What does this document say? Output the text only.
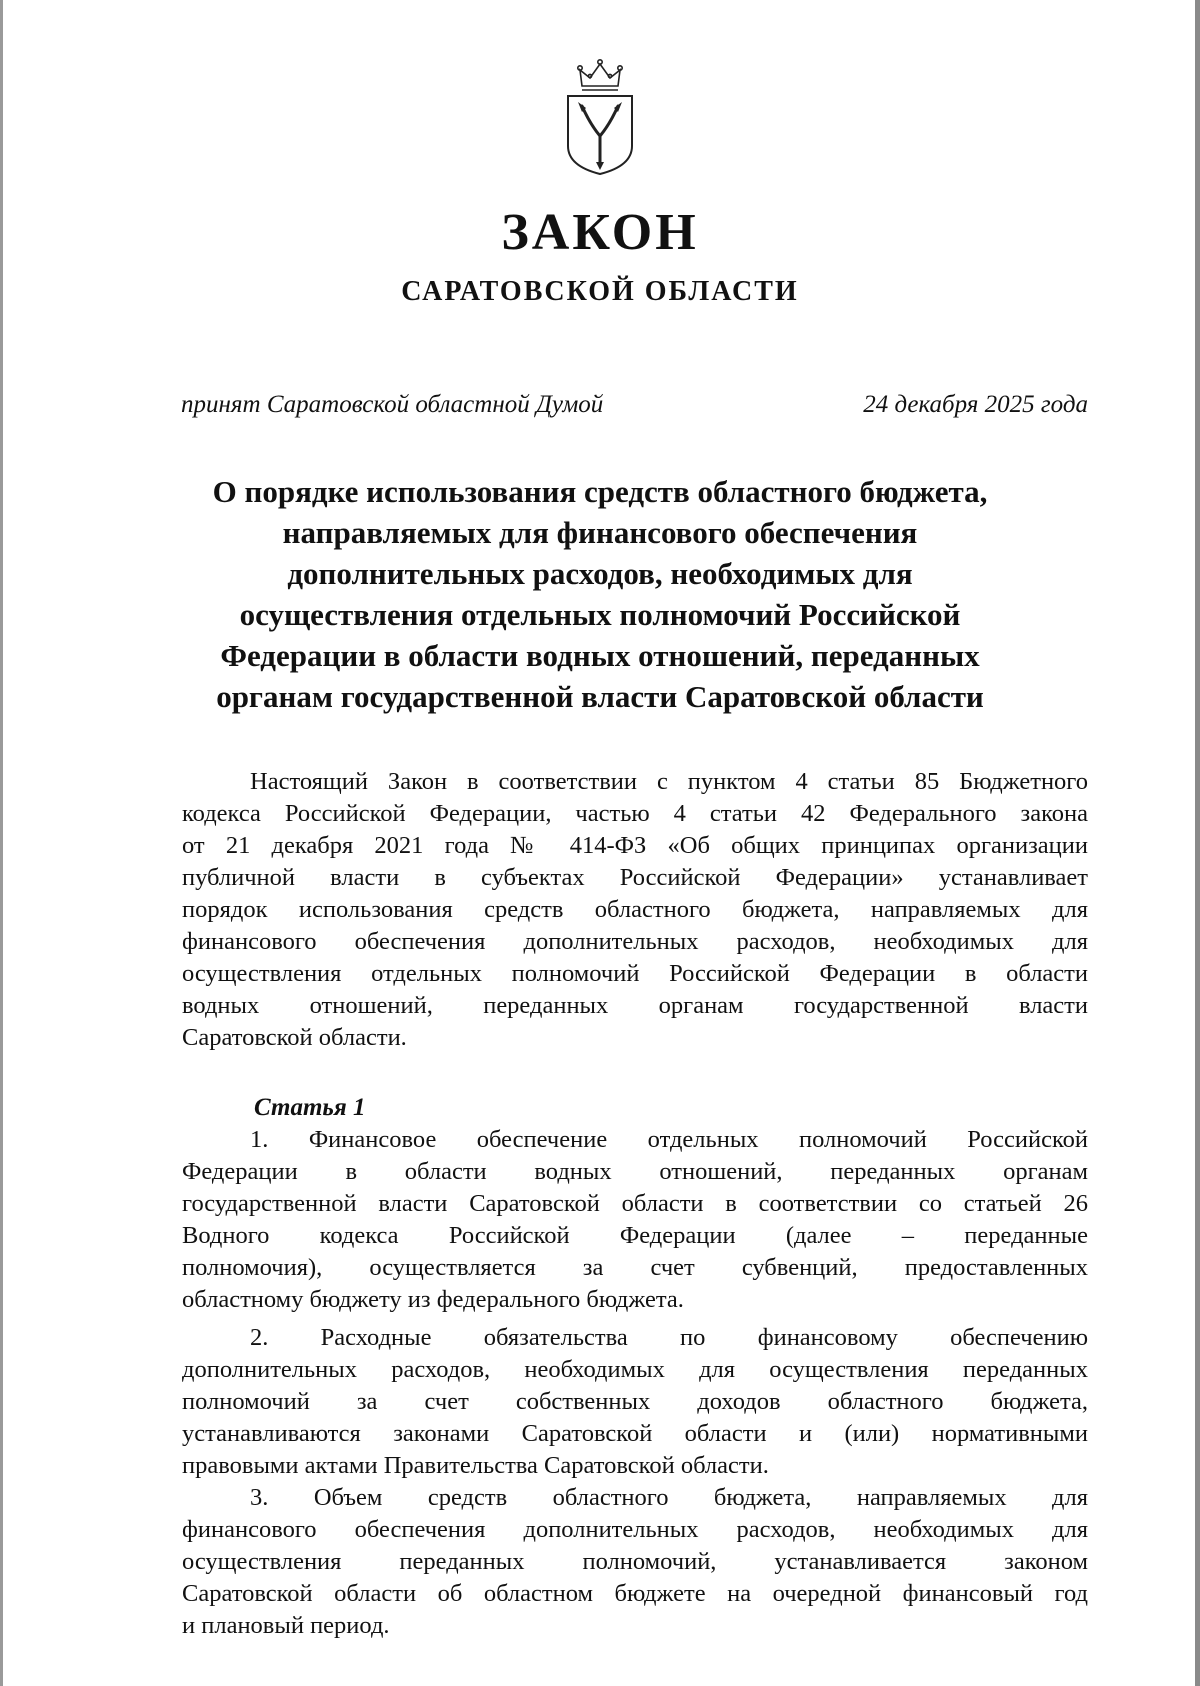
ЗАКОН
САРАТОВСКОЙ ОБЛАСТИ
принят Саратовской областной Думой	24 декабря 2025 года
О порядке использования средств областного бюджета,
направляемых для финансового обеспечения
дополнительных расходов, необходимых для
осуществления отдельных полномочий Российской
Федерации в области водных отношений, переданных
органам государственной власти Саратовской области
Настоящий Закон в соответствии с пунктом 4 статьи 85 Бюджетного
кодекса Российской Федерации, частью 4 статьи 42 Федерального закона
от 21 декабря 2021 года № 414-ФЗ «Об общих принципах организации
публичной власти в субъектах Российской Федерации» устанавливает
порядок использования средств областного бюджета, направляемых для
финансового обеспечения дополнительных расходов, необходимых для
осуществления отдельных полномочий Российской Федерации в области
водных отношений, переданных органам государственной власти
Саратовской области.
Статья 1
1. Финансовое обеспечение отдельных полномочий Российской
Федерации в области водных отношений, переданных органам
государственной власти Саратовской области в соответствии со статьей 26
Водного кодекса Российской Федерации (далее – переданные
полномочия), осуществляется за счет субвенций, предоставленных
областному бюджету из федерального бюджета.
2. Расходные обязательства по финансовому обеспечению
дополнительных расходов, необходимых для осуществления переданных
полномочий за счет собственных доходов областного бюджета,
устанавливаются законами Саратовской области и (или) нормативными
правовыми актами Правительства Саратовской области.
3. Объем средств областного бюджета, направляемых для
финансового обеспечения дополнительных расходов, необходимых для
осуществления переданных полномочий, устанавливается законом
Саратовской области об областном бюджете на очередной финансовый год
и плановый период.
